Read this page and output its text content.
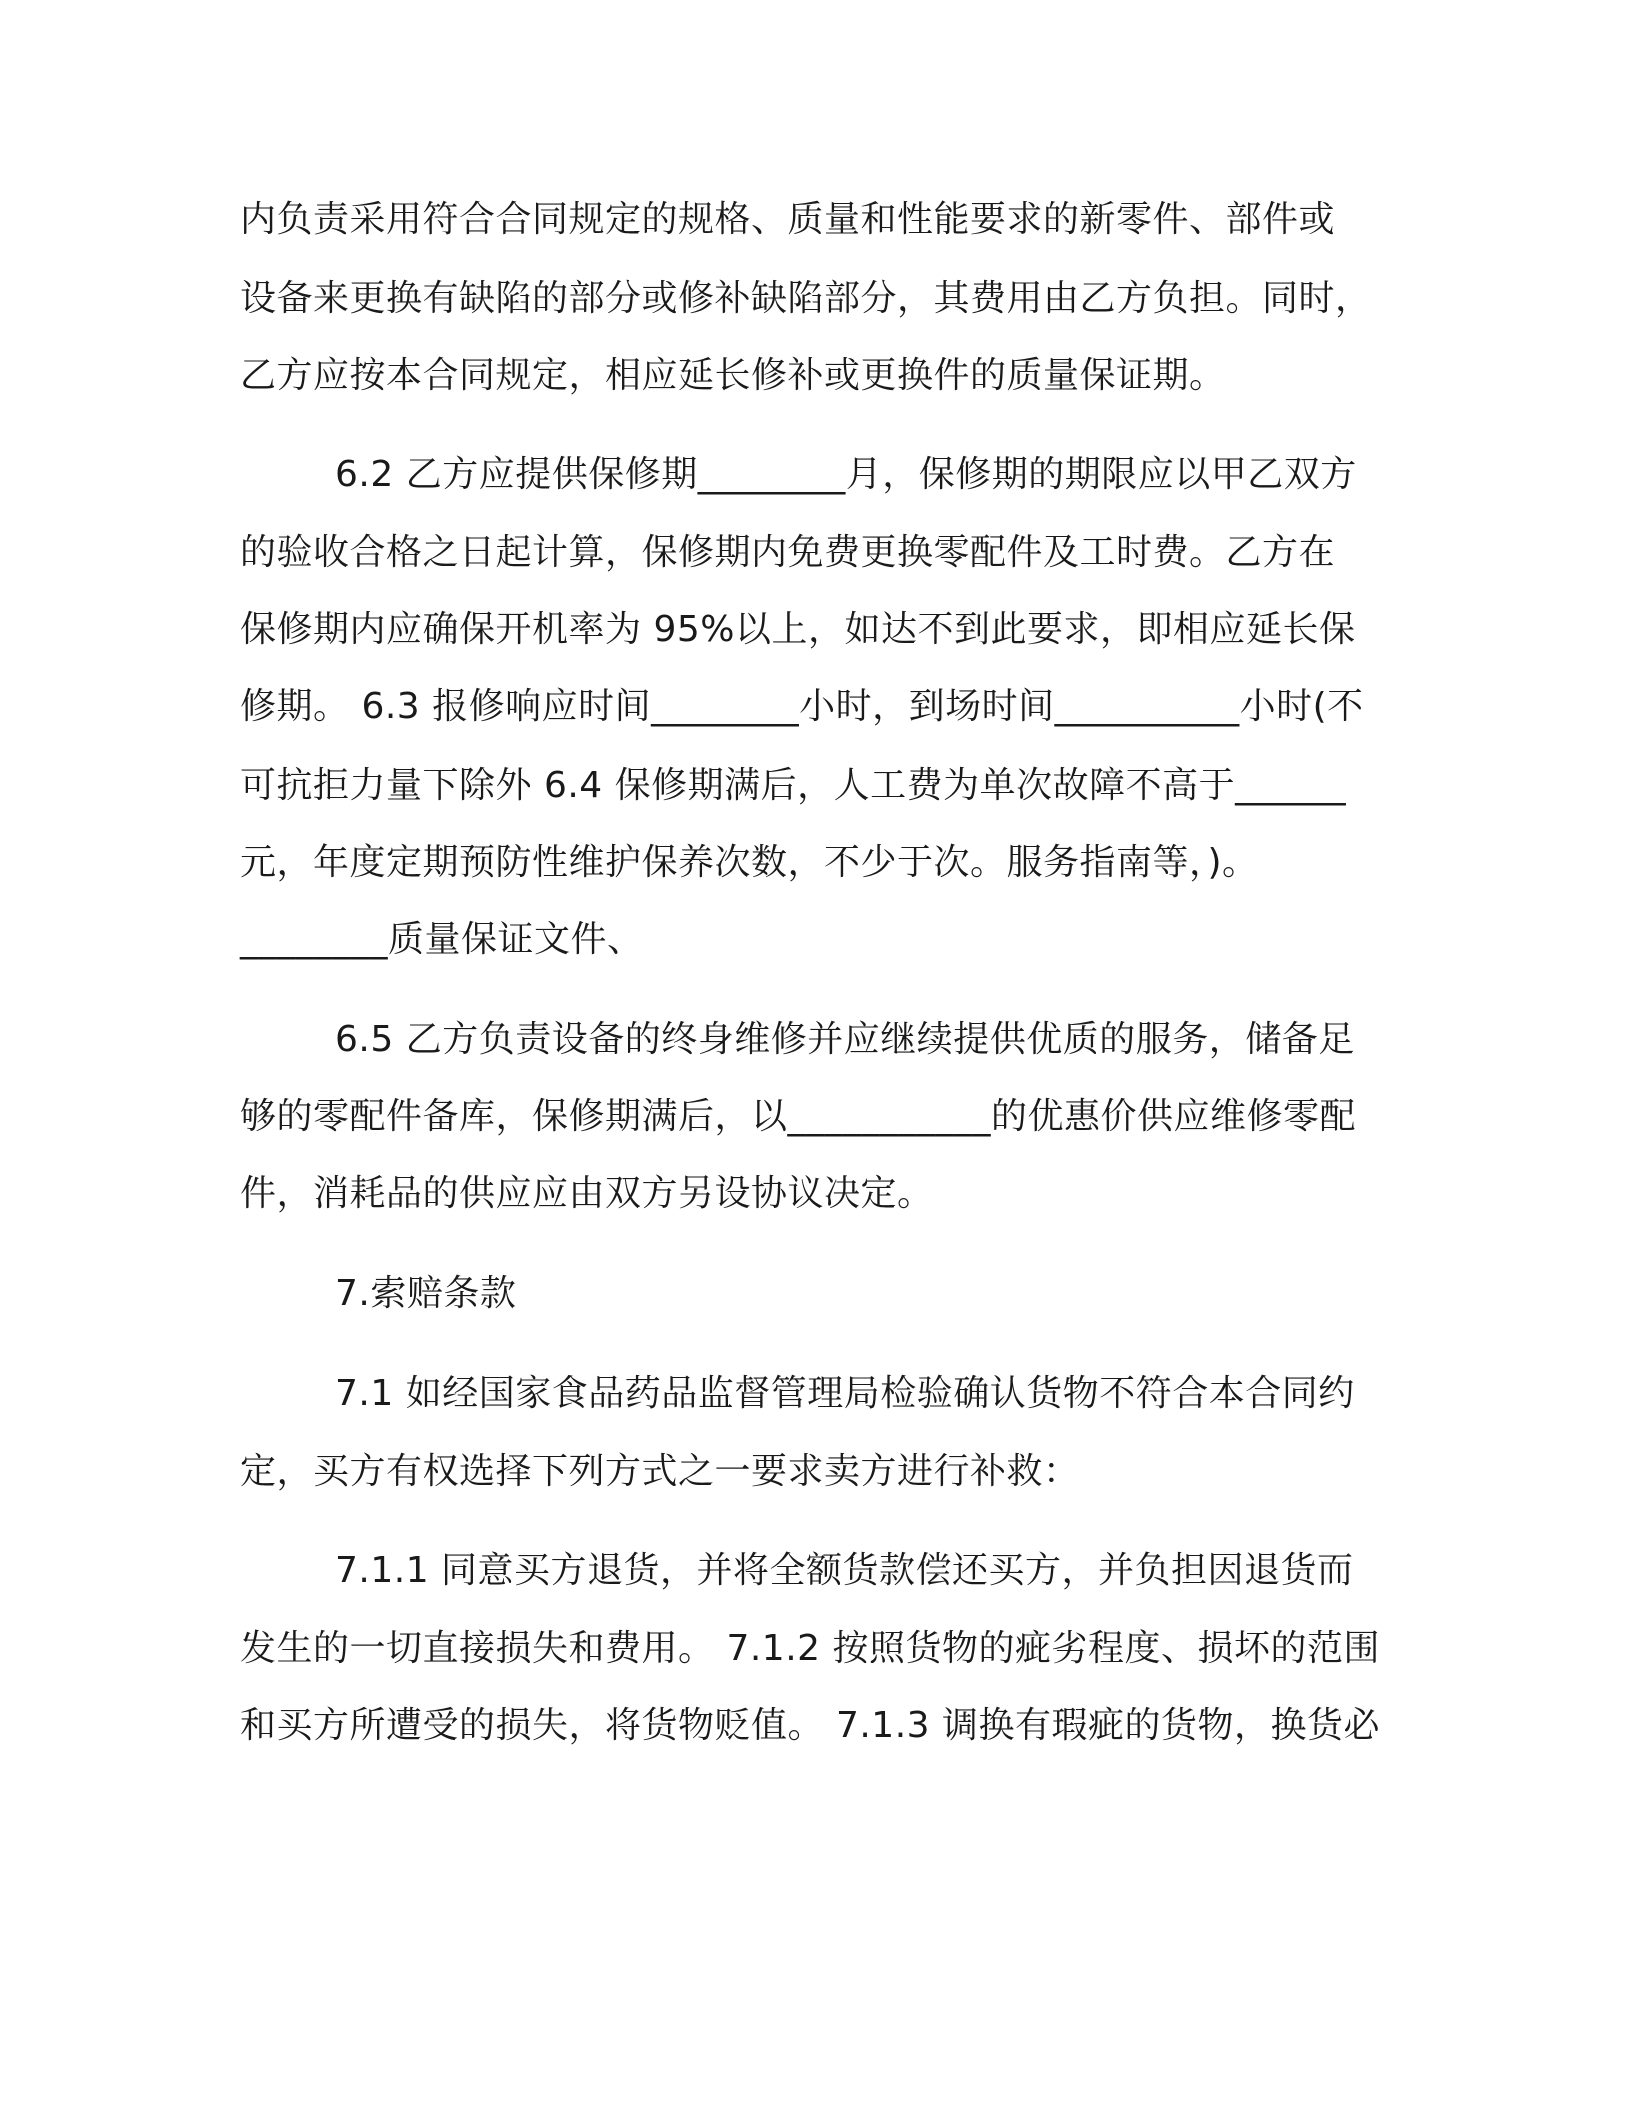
内负责采用符合合同规定的规格、质量和性能要求的新零件、部件或
设备来更换有缺陷的部分或修补缺陷部分，其费用由乙方负担。同时，
乙方应按本合同规定，相应延长修补或更换件的质量保证期。
6.2 乙方应提供保修期________月，保修期的期限应以甲乙双方
的验收合格之日起计算，保修期内免费更换零配件及工时费。乙方在
保修期内应确保开机率为 95%以上，如达不到此要求，即相应延长保
修期。 6.3 报修响应时间________小时，到场时间__________小时(不
可抗拒力量下除外 6.4 保修期满后，人工费为单次故障不高于______
元，年度定期预防性维护保养次数，不少于次。服务指南等，)。
________质量保证文件、
6.5 乙方负责设备的终身维修并应继续提供优质的服务，储备足
够的零配件备库，保修期满后，以___________的优惠价供应维修零配
件，消耗品的供应应由双方另设协议决定。
7.索赔条款
7.1 如经国家食品药品监督管理局检验确认货物不符合本合同约
定，买方有权选择下列方式之一要求卖方进行补救：
7.1.1 同意买方退货，并将全额货款偿还买方，并负担因退货而
发生的一切直接损失和费用。 7.1.2 按照货物的疵劣程度、损坏的范围
和买方所遭受的损失，将货物贬值。 7.1.3 调换有瑕疵的货物，换货必
